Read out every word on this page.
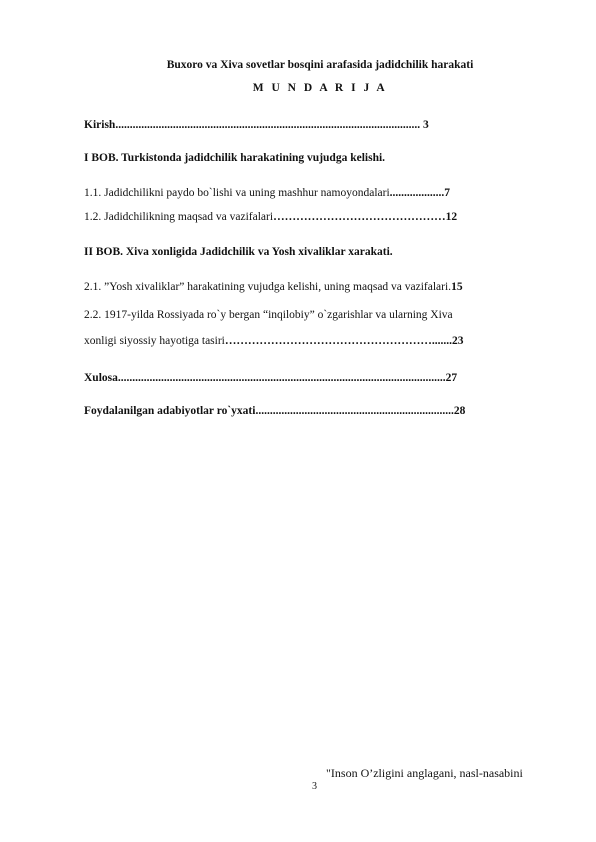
Buxoro va Xiva sovetlar bosqini arafasida jadidchilik harakati
M U N D A R I J A
Kirish.......................................................................................................... 3
I BOB. Turkistonda jadidchilik harakatining vujudga kelishi.
1.1. Jadidchilikni paydo bo`lishi va uning mashhur namoyondalari...................7
1.2. Jadidchilikning maqsad va vazifalari………………………………………12
II BOB. Xiva xonligida Jadidchilik va Yosh xivaliklar xarakati.
2.1. ”Yosh xivaliklar” harakatining vujudga kelishi, uning maqsad va vazifalari.15
2.2. 1917-yilda Rossiyada ro`y bergan “inqilobiy” o`zgarishlar va ularning Xiva
xonligi siyossiy hayotiga tasiri……………………………………………….......23
Xulosa..................................................................................................................27
Foydalanilgan adabiyotlar ro`yxati.....................................................................28
"Inson O’zligini anglagani, nasl-nasabini
3
